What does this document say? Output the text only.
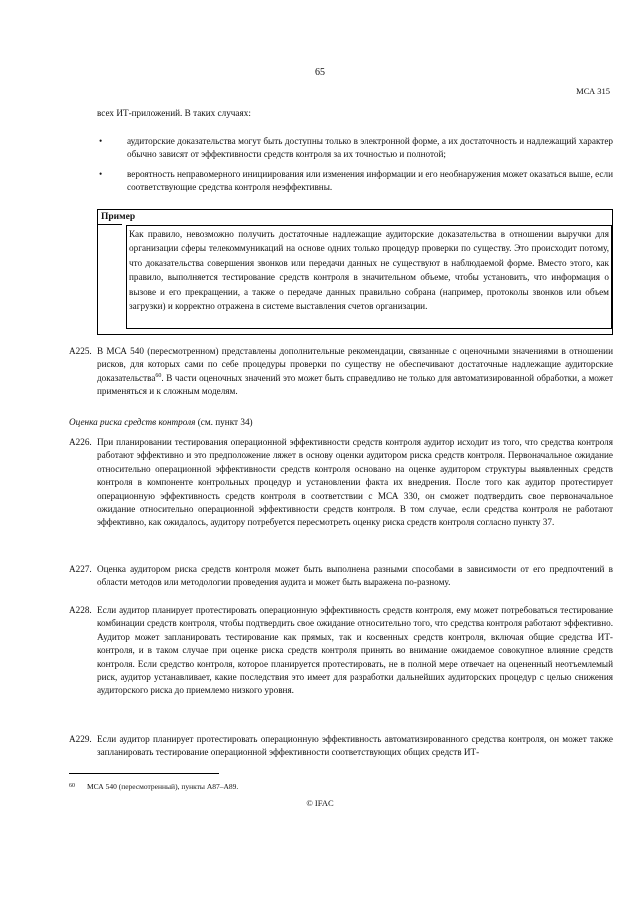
65
МСА 315
всех ИТ-приложений. В таких случаях:
•	аудиторские доказательства могут быть доступны только в электронной форме, а их достаточность и надлежащий характер обычно зависят от эффективности средств контроля за их точностью и полнотой;
•	вероятность неправомерного инициирования или изменения информации и его необнаружения может оказаться выше, если соответствующие средства контроля неэффективны.
Пример
Как правило, невозможно получить достаточные надлежащие аудиторские доказательства в отношении выручки для организации сферы телекоммуникаций на основе одних только процедур проверки по существу. Это происходит потому, что доказательства совершения звонков или передачи данных не существуют в наблюдаемой форме. Вместо этого, как правило, выполняется тестирование средств контроля в значительном объеме, чтобы установить, что информация о вызове и его прекращении, а также о передаче данных правильно собрана (например, протоколы звонков или объем загрузки) и корректно отражена в системе выставления счетов организации.
A225. В МСА 540 (пересмотренном) представлены дополнительные рекомендации, связанные с оценочными значениями в отношении рисков, для которых сами по себе процедуры проверки по существу не обеспечивают достаточные надлежащие аудиторские доказательства$^{60}$. В части оценочных значений это может быть справедливо не только для автоматизированной обработки, а может применяться и к сложным моделям.
Оценка риска средств контроля (см. пункт 34)
A226. При планировании тестирования операционной эффективности средств контроля аудитор исходит из того, что средства контроля работают эффективно и это предположение ляжет в основу оценки аудитором риска средств контроля. Первоначальное ожидание относительно операционной эффективности средств контроля основано на оценке аудитором структуры выявленных средств контроля в компоненте контрольных процедур и установлении факта их внедрения. После того как аудитор протестирует операционную эффективность средств контроля в соответствии с МСА 330, он сможет подтвердить свое первоначальное ожидание относительно операционной эффективности средств контроля. В том случае, если средства контроля не работают эффективно, как ожидалось, аудитору потребуется пересмотреть оценку риска средств контроля согласно пункту 37.
A227. Оценка аудитором риска средств контроля может быть выполнена разными способами в зависимости от его предпочтений в области методов или методологии проведения аудита и может быть выражена по-разному.
A228. Если аудитор планирует протестировать операционную эффективность средств контроля, ему может потребоваться тестирование комбинации средств контроля, чтобы подтвердить свое ожидание относительно того, что средства контроля работают эффективно. Аудитор может запланировать тестирование как прямых, так и косвенных средств контроля, включая общие средства ИТ-контроля, и в таком случае при оценке риска средств контроля принять во внимание ожидаемое совокупное влияние средств контроля. Если средство контроля, которое планируется протестировать, не в полной мере отвечает на оцененный неотъемлемый риск, аудитор устанавливает, какие последствия это имеет для разработки дальнейших аудиторских процедур с целью снижения аудиторского риска до приемлемо низкого уровня.
A229. Если аудитор планирует протестировать операционную эффективность автоматизированного средства контроля, он может также запланировать тестирование операционной эффективности соответствующих общих средств ИТ-
$^{60}$ МСА 540 (пересмотренный), пункты А87–А89.
© IFAC
